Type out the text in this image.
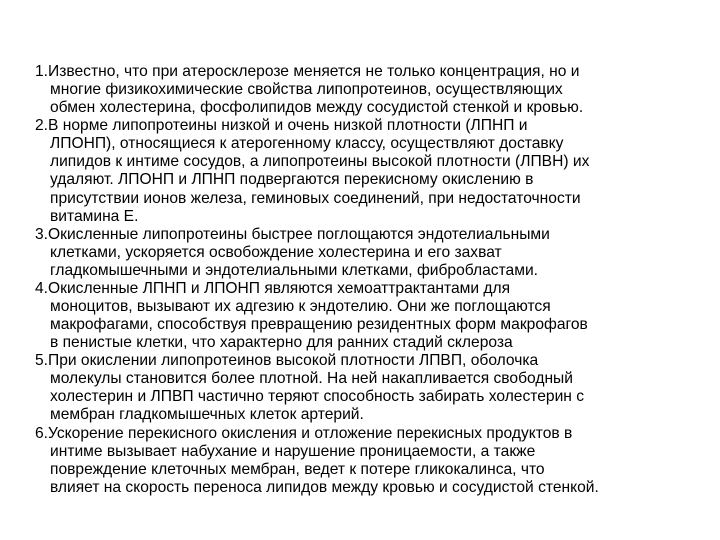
1.Известно, что при атеросклерозе меняется не только концентрация, но и
многие физикохимические свойства липопротеинов, осуществляющих
обмен холестерина, фосфолипидов между сосудистой стенкой и кровью.
2.В норме липопротеины низкой и очень низкой плотности (ЛПНП и
ЛПОНП), относящиеся к атерогенному классу, осуществляют доставку
липидов к интиме сосудов, а липопротеины высокой плотности (ЛПВН) их
удаляют. ЛПОНП и ЛПНП подвергаются перекисному окислению в
присутствии ионов железа, геминовых соединений, при недостаточности
витамина Е.
3.Окисленные липопротеины быстрее поглощаются эндотелиальными
клетками, ускоряется освобождение холестерина и его захват
гладкомышечными и эндотелиальными клетками, фибробластами.
4.Окисленные ЛПНП и ЛПОНП являются хемоаттрактантами для
моноцитов, вызывают их адгезию к эндотелию. Они же поглощаются
макрофагами, способствуя превращению резидентных форм макрофагов
в пенистые клетки, что характерно для ранних стадий склероза
5.При окислении липопротеинов высокой плотности ЛПВП, оболочка
молекулы становится более плотной. На ней накапливается свободный
холестерин и ЛПВП частично теряют способность забирать холестерин с
мембран гладкомышечных клеток артерий.
6.Ускорение перекисного окисления и отложение перекисных продуктов в
интиме вызывает набухание и нарушение проницаемости, а также
повреждение клеточных мембран, ведет к потере гликокалинса, что
влияет на скорость переноса липидов между кровью и сосудистой стенкой.
